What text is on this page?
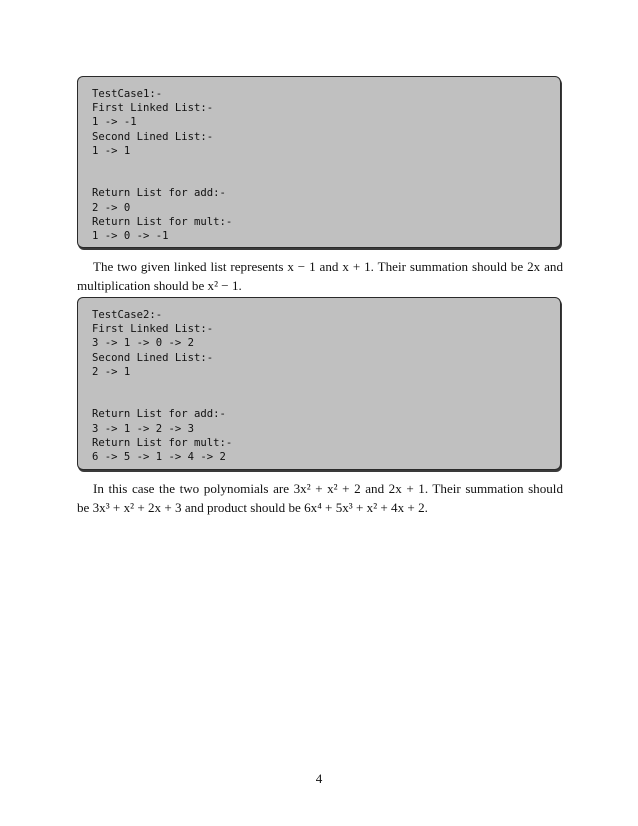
TestCase1:-
First Linked List:-
1 -> -1
Second Lined List:-
1 -> 1
Return List for add:-
2 -> 0
Return List for mult:-
1 -> 0 -> -1
The two given linked list represents x − 1 and x + 1. Their summation should be 2x and
multiplication should be x² − 1.
TestCase2:-
First Linked List:-
3 -> 1 -> 0 -> 2
Second Lined List:-
2 -> 1
Return List for add:-
3 -> 1 -> 2 -> 3
Return List for mult:-
6 -> 5 -> 1 -> 4 -> 2
In this case the two polynomials are 3x² + x² + 2 and 2x + 1. Their summation should
be 3x³ + x² + 2x + 3 and product should be 6x⁴ + 5x³ + x² + 4x + 2.
4
